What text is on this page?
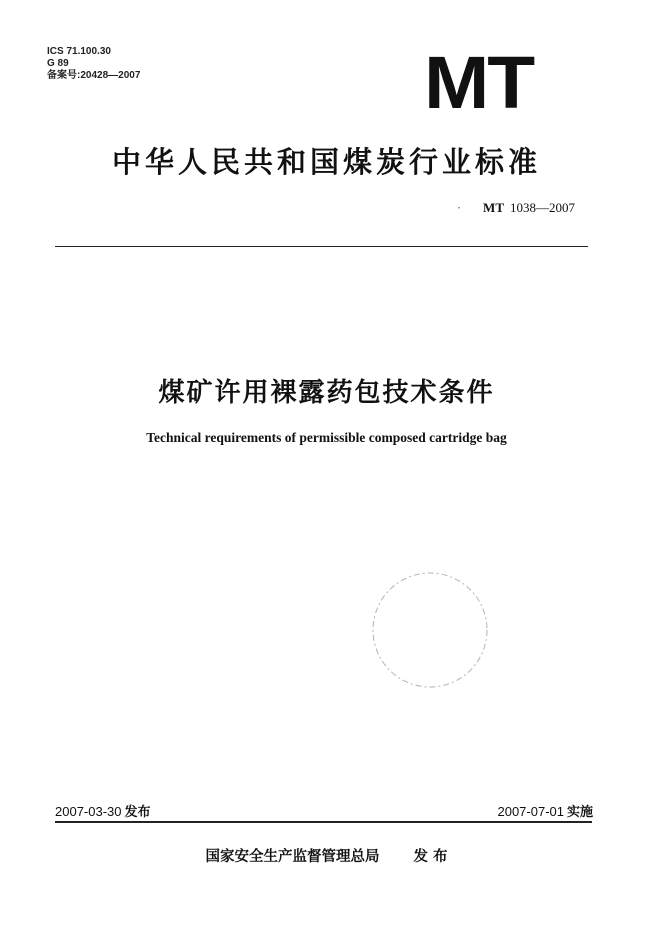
ICS 71.100.30
G 89
备案号:20428—2007	MT
中华人民共和国煤炭行业标准
· MT 1038—2007
煤矿许用裸露药包技术条件
Technical requirements of permissible composed cartridge bag
2007-03-30 发布	2007-07-01 实施
国家安全生产监督管理总局 发 布
